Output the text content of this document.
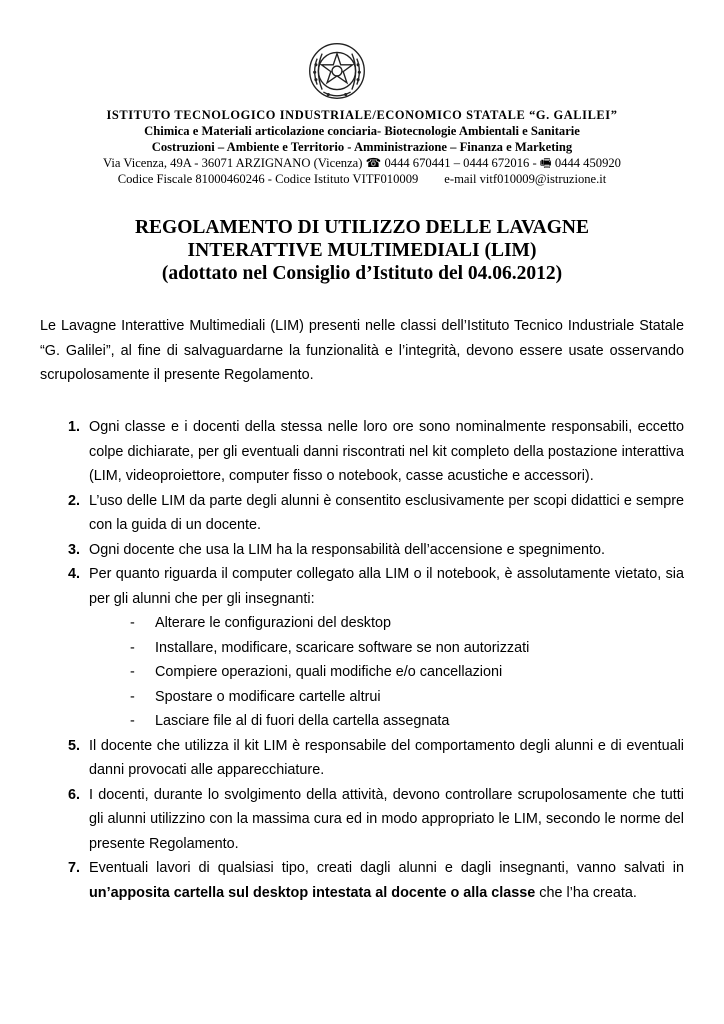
ISTITUTO TECNOLOGICO INDUSTRIALE/ECONOMICO STATALE “G. GALILEI”
Chimica e Materiali articolazione conciaria- Biotecnologie Ambientali e Sanitarie
Costruzioni – Ambiente e Territorio - Amministrazione – Finanza e Marketing
Via Vicenza, 49A - 36071 ARZIGNANO (Vicenza) ☎ 0444 670441 – 0444 672016 - 🖷 0444 450920
Codice Fiscale 81000460246 - Codice Istituto VITF010009 e-mail vitf010009@istruzione.it
REGOLAMENTO DI UTILIZZO DELLE LAVAGNE
INTERATTIVE MULTIMEDIALI (LIM)
(adottato nel Consiglio d’Istituto del 04.06.2012)

Le Lavagne Interattive Multimediali (LIM) presenti nelle classi dell’Istituto Tecnico Industriale Statale “G. Galilei”, al fine di salvaguardarne la funzionalità e l’integrità, devono essere usate osservando scrupolosamente il presente Regolamento.

1. Ogni classe e i docenti della stessa nelle loro ore sono nominalmente responsabili, eccetto colpe dichiarate, per gli eventuali danni riscontrati nel kit completo della postazione interattiva (LIM, videoproiettore, computer fisso o notebook, casse acustiche e accessori).
2. L’uso delle LIM da parte degli alunni è consentito esclusivamente per scopi didattici e sempre con la guida di un docente.
3. Ogni docente che usa la LIM ha la responsabilità dell’accensione e spegnimento.
4. Per quanto riguarda il computer collegato alla LIM o il notebook, è assolutamente vietato, sia per gli alunni che per gli insegnanti:
- Alterare le configurazioni del desktop
- Installare, modificare, scaricare software se non autorizzati
- Compiere operazioni, quali modifiche e/o cancellazioni
- Spostare o modificare cartelle altrui
- Lasciare file al di fuori della cartella assegnata
5. Il docente che utilizza il kit LIM è responsabile del comportamento degli alunni e di eventuali danni provocati alle apparecchiature.
6. I docenti, durante lo svolgimento della attività, devono controllare scrupolosamente che tutti gli alunni utilizzino con la massima cura ed in modo appropriato le LIM, secondo le norme del presente Regolamento.
7. Eventuali lavori di qualsiasi tipo, creati dagli alunni e dagli insegnanti, vanno salvati in un’apposita cartella sul desktop intestata al docente o alla classe che l’ha creata.
